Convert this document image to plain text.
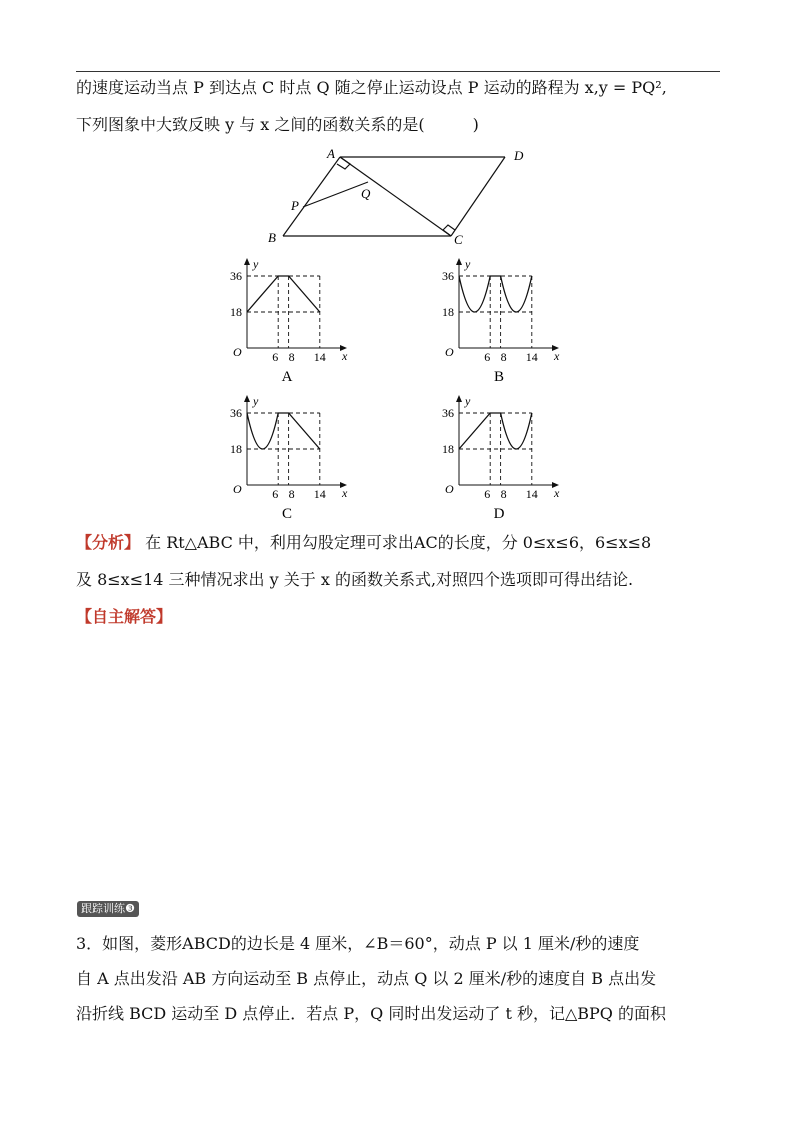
的速度运动当点 P 到达点 C 时点 Q 随之停止运动设点 P 运动的路程为 x,y = PQ²,
下列图象中大致反映 y 与 x 之间的函数关系的是(　　　)
A	D
Q
P
B	C
36
18
y
O	6 8 14 x
A
36
18
y
O	6 8 14 x
B
36
18
y
O	6 8 14 x
C
36
18
y
O	6 8 14 x
D
【分析】 在 Rt△ABC 中，利用勾股定理可求出AC的长度，分 0≤x≤6，6≤x≤8
及 8≤x≤14 三种情况求出 y 关于 x 的函数关系式,对照四个选项即可得出结论.
【自主解答】
跟踪训练❸
3．如图，菱形ABCD的边长是 4 厘米，∠B＝60°，动点 P 以 1 厘米/秒的速度
自 A 点出发沿 AB 方向运动至 B 点停止，动点 Q 以 2 厘米/秒的速度自 B 点出发
沿折线 BCD 运动至 D 点停止．若点 P，Q 同时出发运动了 t 秒，记△BPQ 的面积
